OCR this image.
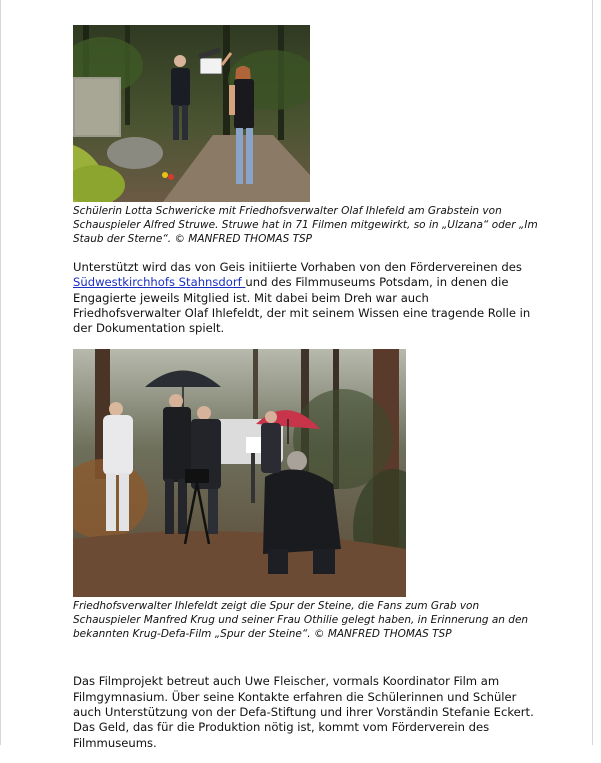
Schülerin Lotta Schwericke mit Friedhofsverwalter Olaf Ihlefeld am Grabstein von Schauspieler Alfred Struwe. Struwe hat in 71 Filmen mitgewirkt, so in „Ulzana“ oder „Im Staub der Sterne“. © MANFRED THOMAS TSP

Unterstützt wird das von Geis initiierte Vorhaben von den Fördervereinen des Südwestkirchhofs Stahnsdorf und des Filmmuseums Potsdam, in denen die Engagierte jeweils Mitglied ist. Mit dabei beim Dreh war auch Friedhofsverwalter Olaf Ihlefeldt, der mit seinem Wissen eine tragende Rolle in der Dokumentation spielt.

Friedhofsverwalter Ihlefeldt zeigt die Spur der Steine, die Fans zum Grab von Schauspieler Manfred Krug und seiner Frau Othilie gelegt haben, in Erinnerung an den bekannten Krug-Defa-Film „Spur der Steine“. © MANFRED THOMAS TSP

Das Filmprojekt betreut auch Uwe Fleischer, vormals Koordinator Film am Filmgymnasium. Über seine Kontakte erfahren die Schülerinnen und Schüler auch Unterstützung von der Defa-Stiftung und ihrer Vorständin Stefanie Eckert. Das Geld, das für die Produktion nötig ist, kommt vom Förderverein des Filmmuseums.
